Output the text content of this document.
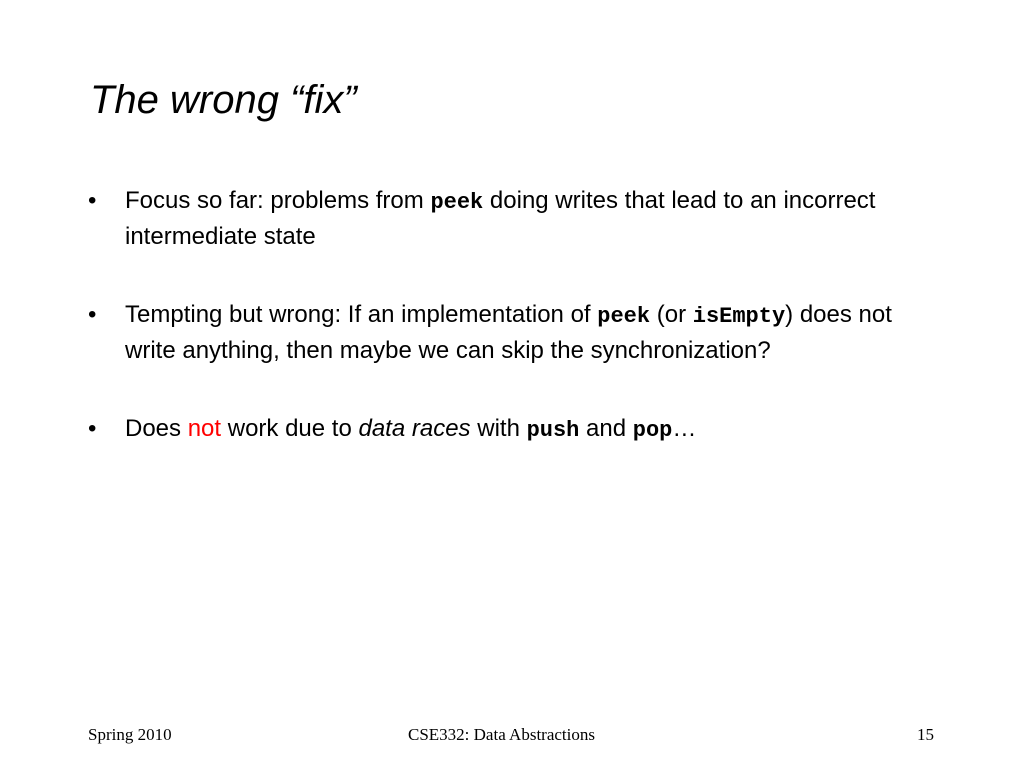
The wrong “fix”
• Focus so far: problems from peek doing writes that lead to an incorrect intermediate state
• Tempting but wrong: If an implementation of peek (or isEmpty) does not write anything, then maybe we can skip the synchronization?
• Does not work due to data races with push and pop…
Spring 2010	CSE332: Data Abstractions	15
